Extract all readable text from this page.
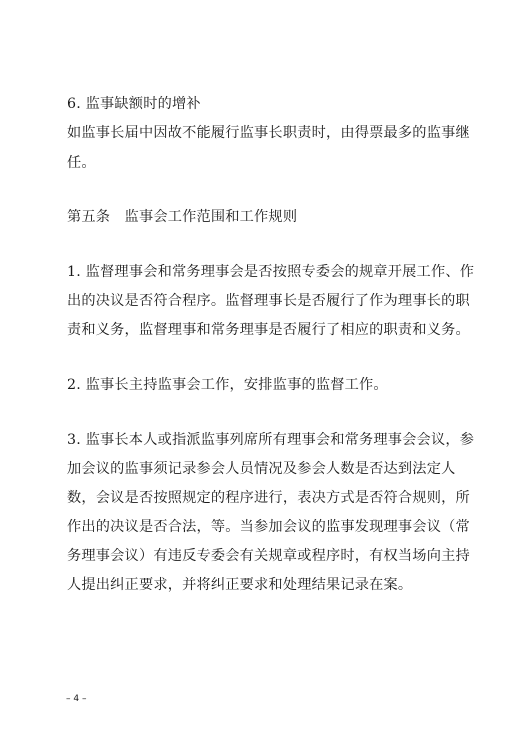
6. 监事缺额时的增补
如监事长届中因故不能履行监事长职责时，由得票最多的监事继
任。
第五条　监事会工作范围和工作规则
1. 监督理事会和常务理事会是否按照专委会的规章开展工作、作
出的决议是否符合程序。监督理事长是否履行了作为理事长的职
责和义务，监督理事和常务理事是否履行了相应的职责和义务。
2. 监事长主持监事会工作，安排监事的监督工作。
3. 监事长本人或指派监事列席所有理事会和常务理事会会议，参
加会议的监事须记录参会人员情况及参会人数是否达到法定人
数，会议是否按照规定的程序进行，表决方式是否符合规则，所
作出的决议是否合法，等。当参加会议的监事发现理事会议（常
务理事会议）有违反专委会有关规章或程序时，有权当场向主持
人提出纠正要求，并将纠正要求和处理结果记录在案。
– 4 –
